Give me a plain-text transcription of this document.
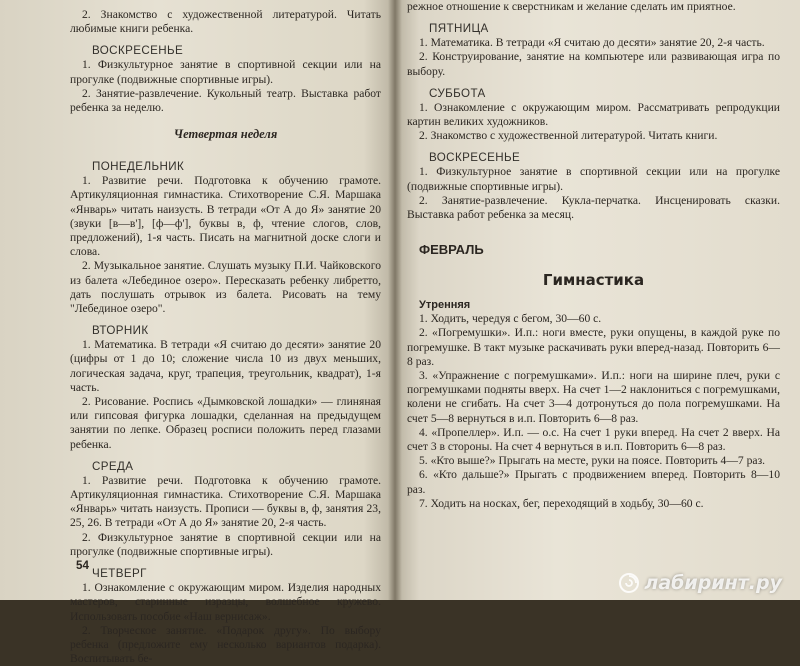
2. Знакомство с художественной литературой. Читать любимые книги ребенка.

ВОСКРЕСЕНЬЕ

1. Физкультурное занятие в спортивной секции или на прогулке (подвижные спортивные игры).

2. Занятие-развлечение. Кукольный театр. Выставка работ ребенка за неделю.

Четвертая неделя
ПОНЕДЕЛЬНИК

1. Развитие речи. Подготовка к обучению грамоте. Артикуляционная гимнастика. Стихотворение С.Я. Маршака «Январь» читать наизусть. В тетради «От А до Я» занятие 20 (звуки [в—в'], [ф—ф'], буквы в, ф, чтение слогов, слов, предложений), 1-я часть. Писать на магнитной доске слоги и слова.

2. Музыкальное занятие. Слушать музыку П.И. Чайковского из балета «Лебединое озеро». Пересказать ребенку либретто, дать послушать отрывок из балета. Рисовать на тему "Лебединое озеро".

ВТОРНИК

1. Математика. В тетради «Я считаю до десяти» занятие 20 (цифры от 1 до 10; сложение числа 10 из двух меньших, логическая задача, круг, трапеция, треугольник, квадрат), 1-я часть.

2. Рисование. Роспись «Дымковской лошадки» — глиняная или гипсовая фигурка лошадки, сделанная на предыдущем занятии по лепке. Образец росписи положить перед глазами ребенка.

СРЕДА

1. Развитие речи. Подготовка к обучению грамоте. Артикуляционная гимнастика. Стихотворение С.Я. Маршака «Январь» читать наизусть. Прописи — буквы в, ф, занятия 23, 25, 26. В тетради «От А до Я» занятие 20, 2-я часть.

2. Физкультурное занятие в спортивной секции или на прогулке (подвижные спортивные игры).

ЧЕТВЕРГ

1. Ознакомление с окружающим миром. Изделия народных мастеров, старинные изразцы, волшебное кружево. Использовать пособие «Наш вернисаж».

2. Творческое занятие. «Подарок другу». По выбору ребенка (предложите ему несколько вариантов подарка). Воспитывать бе-

54

режное отношение к сверстникам и желание сделать им приятное.

ПЯТНИЦА

1. Математика. В тетради «Я считаю до десяти» занятие 20, 2-я часть.

2. Конструирование, занятие на компьютере или развивающая игра по выбору.

СУББОТА

1. Ознакомление с окружающим миром. Рассматривать репродукции картин великих художников.

2. Знакомство с художественной литературой. Читать книги.

ВОСКРЕСЕНЬЕ

1. Физкультурное занятие в спортивной секции или на прогулке (подвижные спортивные игры).

2. Занятие-развлечение. Кукла-перчатка. Инсценировать сказки. Выставка работ ребенка за месяц.

ФЕВРАЛЬ
Гимнастика
Утренняя

1. Ходить, чередуя с бегом, 30—60 с.

2. «Погремушки». И.п.: ноги вместе, руки опущены, в каждой руке по погремушке. В такт музыке раскачивать руки вперед-назад. Повторить 6—8 раз.

3. «Упражнение с погремушками». И.п.: ноги на ширине плеч, руки с погремушками подняты вверх. На счет 1—2 наклониться с погремушками, колени не сгибать. На счет 3—4 дотронуться до пола погремушками. На счет 5—8 вернуться в и.п. Повторить 6—8 раз.

4. «Пропеллер». И.п. — о.с. На счет 1 руки вперед. На счет 2 вверх. На счет 3 в стороны. На счет 4 вернуться в и.п. Повторить 6—8 раз.

5. «Кто выше?» Прыгать на месте, руки на поясе. Повторить 4—7 раз.

6. «Кто дальше?» Прыгать с продвижением вперед. Повторить 8—10 раз.

7. Ходить на носках, бег, переходящий в ходьбу, 30—60 с.

лабиринт.ру
